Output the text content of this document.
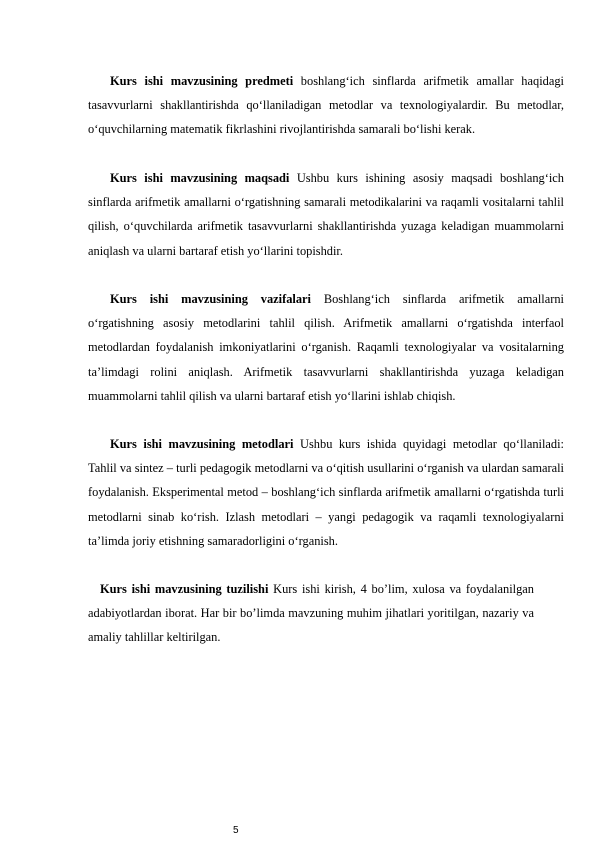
Kurs ishi mavzusining predmeti boshlang‘ich sinflarda arifmetik amallar haqidagi tasavvurlarni shakllantirishda qo‘llaniladigan metodlar va texnologiyalardir. Bu metodlar, o‘quvchilarning matematik fikrlashini rivojlantirishda samarali bo‘lishi kerak.

Kurs ishi mavzusining maqsadi Ushbu kurs ishining asosiy maqsadi boshlang‘ich sinflarda arifmetik amallarni o‘rgatishning samarali metodikalarini va raqamli vositalarni tahlil qilish, o‘quvchilarda arifmetik tasavvurlarni shakllantirishda yuzaga keladigan muammolarni aniqlash va ularni bartaraf etish yo‘llarini topishdir.

Kurs ishi mavzusining vazifalari Boshlang‘ich sinflarda arifmetik amallarni o‘rgatishning asosiy metodlarini tahlil qilish. Arifmetik amallarni o‘rgatishda interfaol metodlardan foydalanish imkoniyatlarini o‘rganish. Raqamli texnologiyalar va vositalarning ta’limdagi rolini aniqlash. Arifmetik tasavvurlarni shakllantirishda yuzaga keladigan muammolarni tahlil qilish va ularni bartaraf etish yo‘llarini ishlab chiqish.

Kurs ishi mavzusining metodlari Ushbu kurs ishida quyidagi metodlar qo‘llaniladi: Tahlil va sintez – turli pedagogik metodlarni va o‘qitish usullarini o‘rganish va ulardan samarali foydalanish. Eksperimental metod – boshlang‘ich sinflarda arifmetik amallarni o‘rgatishda turli metodlarni sinab ko‘rish. Izlash metodlari – yangi pedagogik va raqamli texnologiyalarni ta’limda joriy etishning samaradorligini o‘rganish.

Kurs ishi mavzusining tuzilishi Kurs ishi kirish, 4 bo’lim, xulosa va foydalanilgan adabiyotlardan iborat. Har bir bo’limda mavzuning muhim jihatlari yoritilgan, nazariy va amaliy tahlillar keltirilgan.

5
